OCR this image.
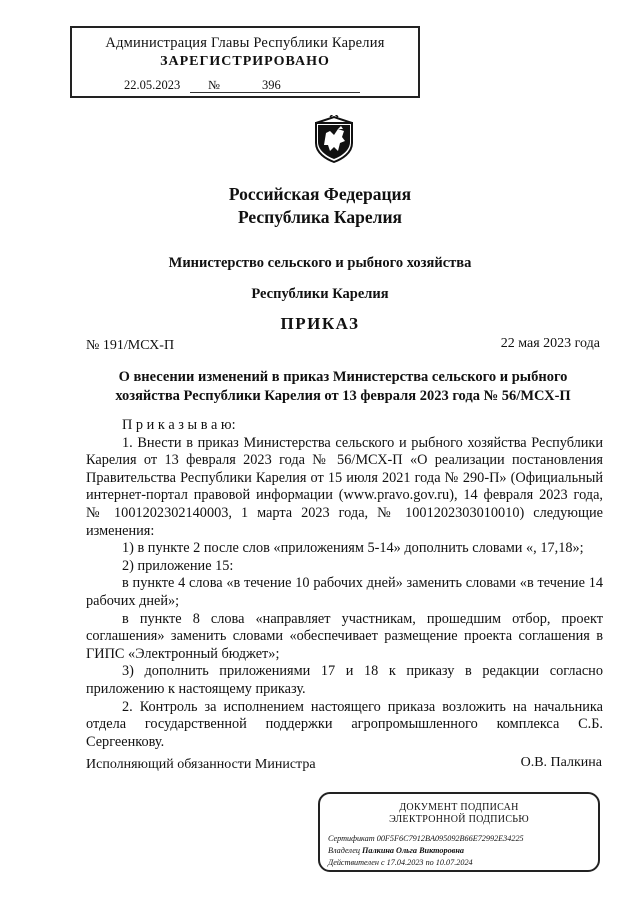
Администрация Главы Республики Карелия
ЗАРЕГИСТРИРОВАНО
22.05.2023 №	396
Российская Федерация
Республика Карелия
Министерство сельского и рыбного хозяйства
Республики Карелия
ПРИКАЗ
№ 191/МСХ-П	22 мая 2023 года
О внесении изменений в приказ Министерства сельского и рыбного
хозяйства Республики Карелия от 13 февраля 2023 года № 56/МСХ-П

П р и к а з ы в а ю:

1. Внести в приказ Министерства сельского и рыбного хозяйства Республики Карелия от 13 февраля 2023 года № 56/МСХ-П «О реализации постановления Правительства Республики Карелия от 15 июля 2021 года № 290-П» (Официальный интернет-портал правовой информации (www.pravo.gov.ru), 14 февраля 2023 года, № 1001202302140003, 1 марта 2023 года, № 1001202303010010) следующие изменения:

1) в пункте 2 после слов «приложениям 5-14» дополнить словами «, 17,18»;

2) приложение 15:

в пункте 4 слова «в течение 10 рабочих дней» заменить словами «в течение 14 рабочих дней»;

в пункте 8 слова «направляет участникам, прошедшим отбор, проект соглашения» заменить словами «обеспечивает размещение проекта соглашения в ГИПС «Электронный бюджет»;

3) дополнить приложениями 17 и 18 к приказу в редакции согласно приложению к настоящему приказу.

2. Контроль за исполнением настоящего приказа возложить на начальника отдела государственной поддержки агропромышленного комплекса С.Б. Сергеенкову.

Исполняющий обязанности Министра	О.В. Палкина
ДОКУМЕНТ ПОДПИСАН
ЭЛЕКТРОННОЙ ПОДПИСЬЮ
Сертификат 00F5F6C7912BA095092B66E72992E34225
Владелец Палкина Ольга Викторовна
Действителен с 17.04.2023 по 10.07.2024
